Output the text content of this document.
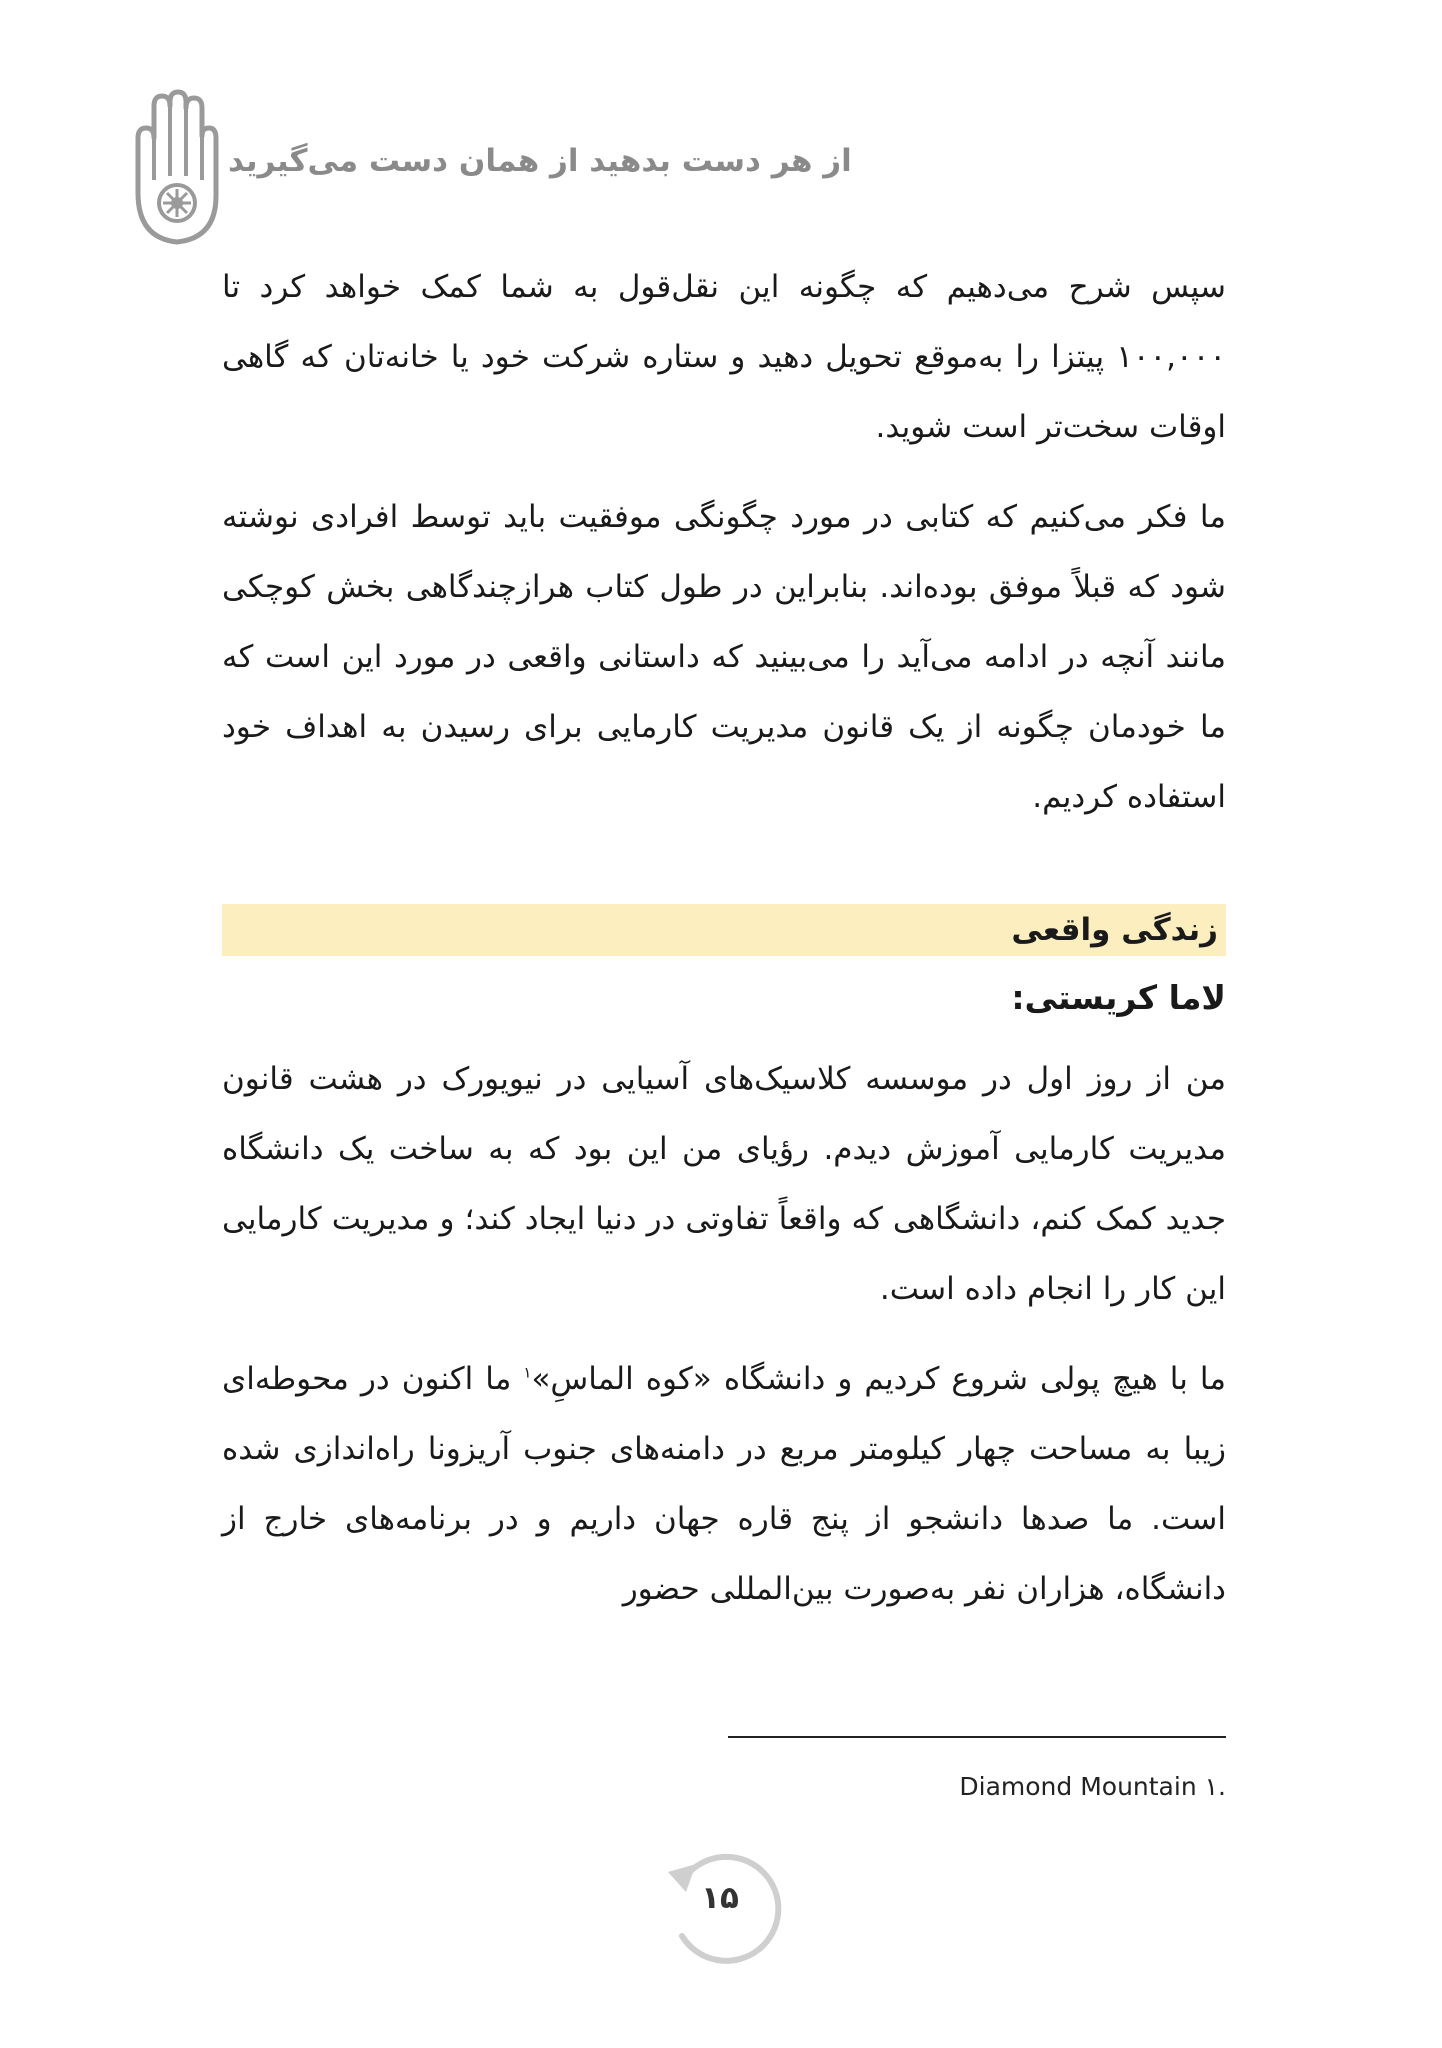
از هر دست بدهید از همان دست می‌گیرید

سپس شرح می‌دهیم که چگونه این نقل‌قول به شما کمک خواهد کرد تا ۱۰۰,۰۰۰ پیتزا را به‌موقع تحویل دهید و ستاره شرکت خود یا خانه‌تان که گاهی اوقات سخت‌تر است شوید.

ما فکر می‌کنیم که کتابی در مورد چگونگی موفقیت باید توسط افرادی نوشته شود که قبلاً موفق بوده‌اند. بنابراین در طول کتاب هرازچندگاهی بخش کوچکی مانند آنچه در ادامه می‌آید را می‌بینید که داستانی واقعی در مورد این است که ما خودمان چگونه از یک قانون مدیریت کارمایی برای رسیدن به اهداف خود استفاده کردیم.

زندگی واقعی
لاما کریستی:

من از روز اول در موسسه کلاسیک‌های آسیایی در نیویورک در هشت قانون مدیریت کارمایی آموزش دیدم. رؤیای من این بود که به ساخت یک دانشگاه جدید کمک کنم، دانشگاهی که واقعاً تفاوتی در دنیا ایجاد کند؛ و مدیریت کارمایی این کار را انجام داده است.

ما با هیچ پولی شروع کردیم و دانشگاه «کوه الماسِ»$^۱$ ما اکنون در محوطه‌ای زیبا به مساحت چهار کیلومتر مربع در دامنه‌های جنوب آریزونا راه‌اندازی شده است. ما صدها دانشجو از پنج قاره جهان داریم و در برنامه‌های خارج از دانشگاه، هزاران نفر به‌صورت بین‌المللی حضور

Diamond Mountain ۱.
۱۵
